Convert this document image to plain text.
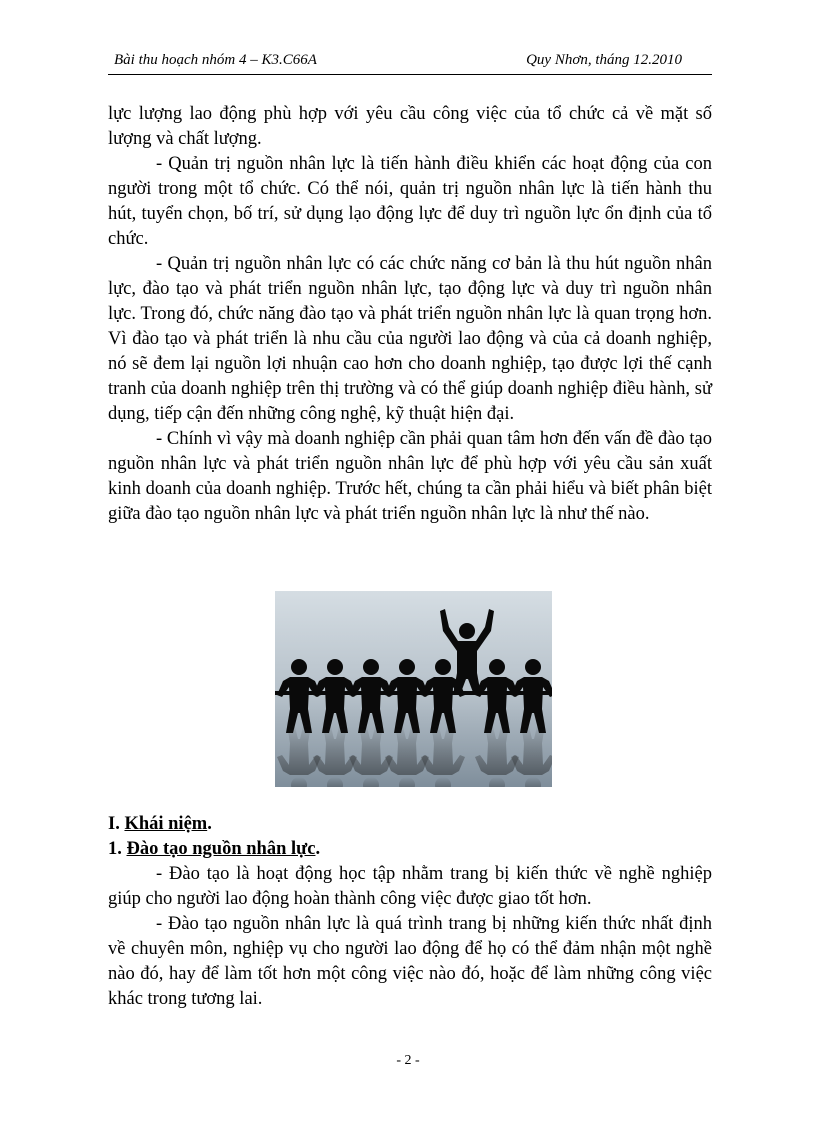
Bài thu hoạch nhóm 4 – K3.C66A	Quy Nhơn, tháng 12.2010

lực lượng lao động phù hợp với yêu cầu công việc của tổ chức cả về mặt số lượng và chất lượng.

- Quản trị nguồn nhân lực là tiến hành điều khiển các hoạt động của con người trong một tổ chức. Có thể nói, quản trị nguồn nhân lực là tiến hành thu hút, tuyển chọn, bố trí, sử dụng lạo động lực để duy trì nguồn lực ổn định của tổ chức.

- Quản trị nguồn nhân lực có các chức năng cơ bản là thu hút nguồn nhân lực, đào tạo và phát triển nguồn nhân lực, tạo động lực và duy trì nguồn nhân lực. Trong đó, chức năng đào tạo và phát triển nguồn nhân lực là quan trọng hơn. Vì đào tạo và phát triển là nhu cầu của người lao động và của cả doanh nghiệp, nó sẽ đem lại nguồn lợi nhuận cao hơn cho doanh nghiệp, tạo được lợi thế cạnh tranh của doanh nghiệp trên thị trường và có thể giúp doanh nghiệp điều hành, sử dụng, tiếp cận đến những công nghệ, kỹ thuật hiện đại.

- Chính vì vậy mà doanh nghiệp cần phải quan tâm hơn đến vấn đề đào tạo nguồn nhân lực và phát triển nguồn nhân lực để phù hợp với yêu cầu sản xuất kinh doanh của doanh nghiệp. Trước hết, chúng ta cần phải hiểu và biết phân biệt giữa đào tạo nguồn nhân lực và phát triển nguồn nhân lực là như thế nào.

I. Khái niệm.

1. Đào tạo nguồn nhân lực.

- Đào tạo là hoạt động học tập nhằm trang bị kiến thức về nghề nghiệp giúp cho người lao động hoàn thành công việc được giao tốt hơn.

- Đào tạo nguồn nhân lực là quá trình trang bị những kiến thức nhất định về chuyên môn, nghiệp vụ cho người lao động để họ có thể đảm nhận một nghề nào đó, hay để làm tốt hơn một công việc nào đó, hoặc để làm những công việc khác trong tương lai.

- 2 -
